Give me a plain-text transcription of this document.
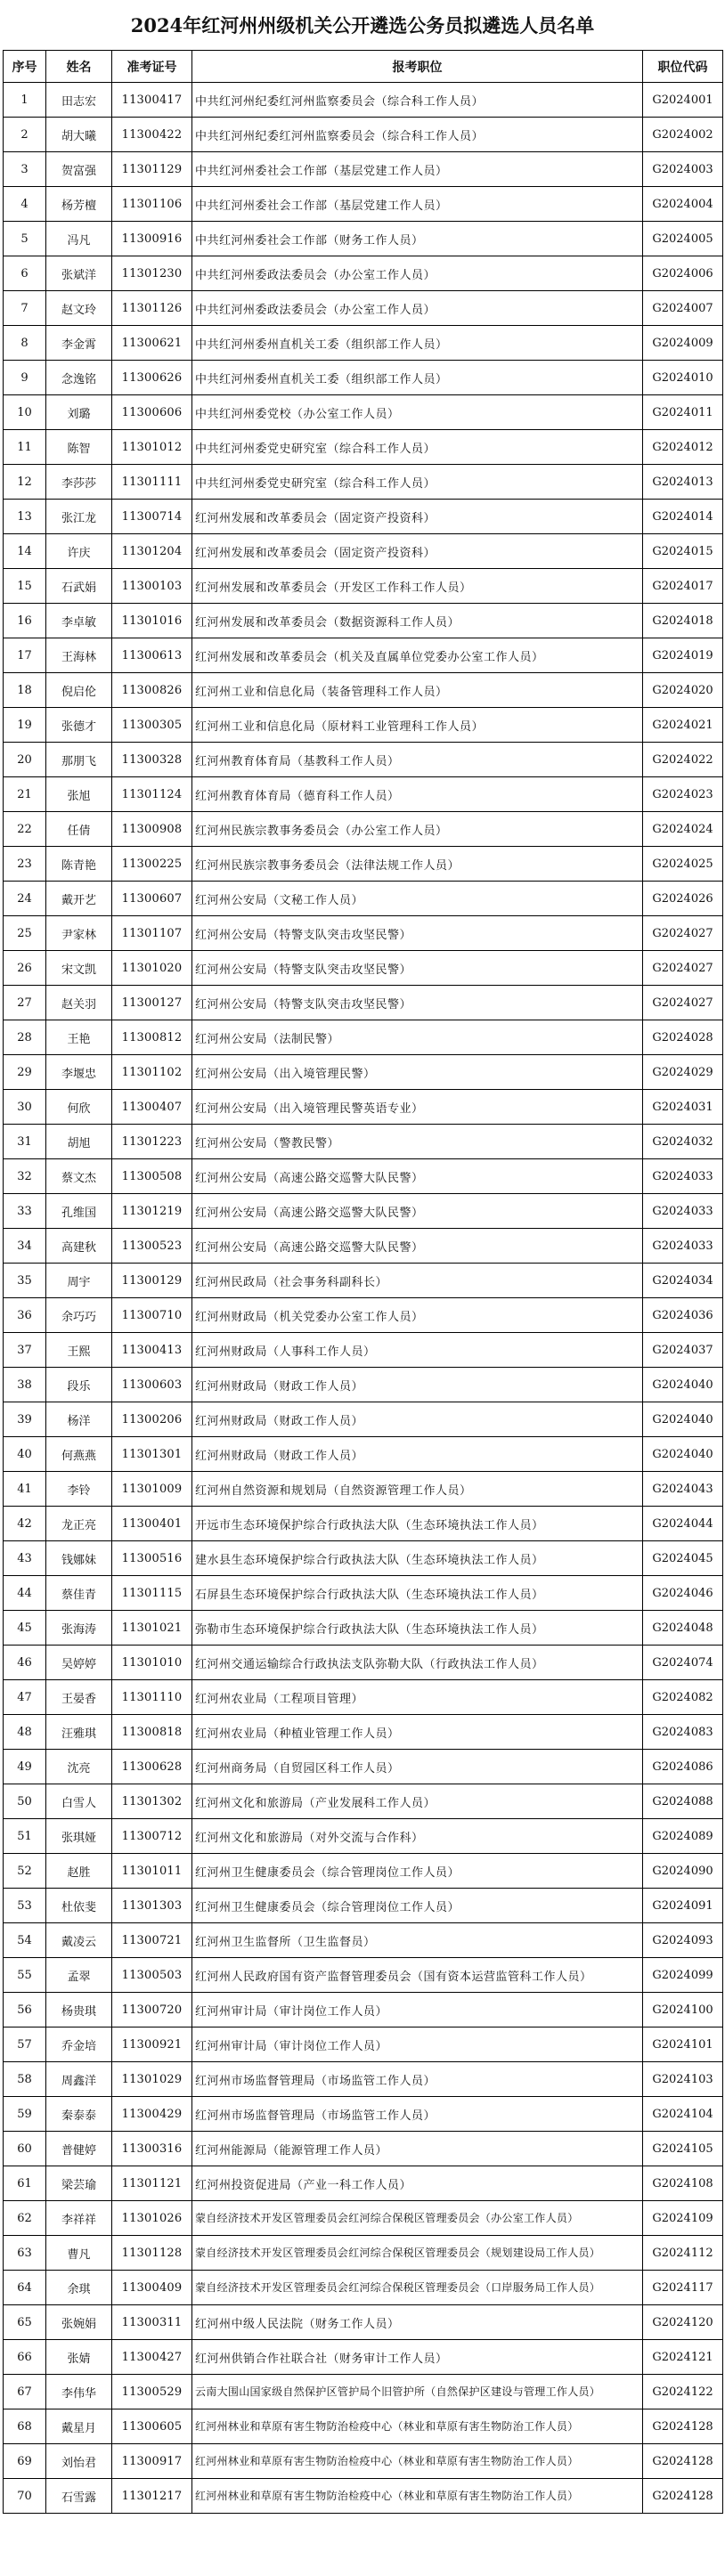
2024年红河州州级机关公开遴选公务员拟遴选人员名单
序号	姓名	准考证号	报考职位	职位代码
1	田志宏	11300417	中共红河州纪委红河州监察委员会（综合科工作人员）	G2024001
2	胡大曦	11300422	中共红河州纪委红河州监察委员会（综合科工作人员）	G2024002
3	贺富强	11301129	中共红河州委社会工作部（基层党建工作人员）	G2024003
4	杨芳檀	11301106	中共红河州委社会工作部（基层党建工作人员）	G2024004
5	冯凡	11300916	中共红河州委社会工作部（财务工作人员）	G2024005
6	张斌洋	11301230	中共红河州委政法委员会（办公室工作人员）	G2024006
7	赵文玲	11301126	中共红河州委政法委员会（办公室工作人员）	G2024007
8	李金霄	11300621	中共红河州委州直机关工委（组织部工作人员）	G2024009
9	念逸铭	11300626	中共红河州委州直机关工委（组织部工作人员）	G2024010
10	刘璐	11300606	中共红河州委党校（办公室工作人员）	G2024011
11	陈智	11301012	中共红河州委党史研究室（综合科工作人员）	G2024012
12	李莎莎	11301111	中共红河州委党史研究室（综合科工作人员）	G2024013
13	张江龙	11300714	红河州发展和改革委员会（固定资产投资科）	G2024014
14	许庆	11301204	红河州发展和改革委员会（固定资产投资科）	G2024015
15	石武娟	11300103	红河州发展和改革委员会（开发区工作科工作人员）	G2024017
16	李卓敏	11301016	红河州发展和改革委员会（数据资源科工作人员）	G2024018
17	王海林	11300613	红河州发展和改革委员会（机关及直属单位党委办公室工作人员）	G2024019
18	倪启伦	11300826	红河州工业和信息化局（装备管理科工作人员）	G2024020
19	张德才	11300305	红河州工业和信息化局（原材料工业管理科工作人员）	G2024021
20	那朋飞	11300328	红河州教育体育局（基教科工作人员）	G2024022
21	张旭	11301124	红河州教育体育局（德育科工作人员）	G2024023
22	任倩	11300908	红河州民族宗教事务委员会（办公室工作人员）	G2024024
23	陈青艳	11300225	红河州民族宗教事务委员会（法律法规工作人员）	G2024025
24	戴开艺	11300607	红河州公安局（文秘工作人员）	G2024026
25	尹家林	11301107	红河州公安局（特警支队突击攻坚民警）	G2024027
26	宋文凯	11301020	红河州公安局（特警支队突击攻坚民警）	G2024027
27	赵关羽	11300127	红河州公安局（特警支队突击攻坚民警）	G2024027
28	王艳	11300812	红河州公安局（法制民警）	G2024028
29	李堰忠	11301102	红河州公安局（出入境管理民警）	G2024029
30	何欣	11300407	红河州公安局（出入境管理民警英语专业）	G2024031
31	胡旭	11301223	红河州公安局（警教民警）	G2024032
32	蔡文杰	11300508	红河州公安局（高速公路交巡警大队民警）	G2024033
33	孔维国	11301219	红河州公安局（高速公路交巡警大队民警）	G2024033
34	高建秋	11300523	红河州公安局（高速公路交巡警大队民警）	G2024033
35	周宇	11300129	红河州民政局（社会事务科副科长）	G2024034
36	余巧巧	11300710	红河州财政局（机关党委办公室工作人员）	G2024036
37	王熙	11300413	红河州财政局（人事科工作人员）	G2024037
38	段乐	11300603	红河州财政局（财政工作人员）	G2024040
39	杨洋	11300206	红河州财政局（财政工作人员）	G2024040
40	何燕燕	11301301	红河州财政局（财政工作人员）	G2024040
41	李铃	11301009	红河州自然资源和规划局（自然资源管理工作人员）	G2024043
42	龙正亮	11300401	开远市生态环境保护综合行政执法大队（生态环境执法工作人员）	G2024044
43	钱娜妹	11300516	建水县生态环境保护综合行政执法大队（生态环境执法工作人员）	G2024045
44	蔡佳青	11301115	石屏县生态环境保护综合行政执法大队（生态环境执法工作人员）	G2024046
45	张海涛	11301021	弥勒市生态环境保护综合行政执法大队（生态环境执法工作人员）	G2024048
46	吴婷婷	11301010	红河州交通运输综合行政执法支队弥勒大队（行政执法工作人员）	G2024074
47	王晏香	11301110	红河州农业局（工程项目管理）	G2024082
48	汪雅琪	11300818	红河州农业局（种植业管理工作人员）	G2024083
49	沈亮	11300628	红河州商务局（自贸园区科工作人员）	G2024086
50	白雪人	11301302	红河州文化和旅游局（产业发展科工作人员）	G2024088
51	张琪娅	11300712	红河州文化和旅游局（对外交流与合作科）	G2024089
52	赵胜	11301011	红河州卫生健康委员会（综合管理岗位工作人员）	G2024090
53	杜依斐	11301303	红河州卫生健康委员会（综合管理岗位工作人员）	G2024091
54	戴凌云	11300721	红河州卫生监督所（卫生监督员）	G2024093
55	孟翠	11300503	红河州人民政府国有资产监督管理委员会（国有资本运营监管科工作人员）	G2024099
56	杨贵琪	11300720	红河州审计局（审计岗位工作人员）	G2024100
57	乔金培	11300921	红河州审计局（审计岗位工作人员）	G2024101
58	周鑫洋	11301029	红河州市场监督管理局（市场监管工作人员）	G2024103
59	秦泰泰	11300429	红河州市场监督管理局（市场监管工作人员）	G2024104
60	普健婷	11300316	红河州能源局（能源管理工作人员）	G2024105
61	梁芸瑜	11301121	红河州投资促进局（产业一科工作人员）	G2024108
62	李祥祥	11301026	蒙自经济技术开发区管理委员会红河综合保税区管理委员会（办公室工作人员）	G2024109
63	曹凡	11301128	蒙自经济技术开发区管理委员会红河综合保税区管理委员会（规划建设局工作人员）	G2024112
64	余琪	11300409	蒙自经济技术开发区管理委员会红河综合保税区管理委员会（口岸服务局工作人员）	G2024117
65	张婉娟	11300311	红河州中级人民法院（财务工作人员）	G2024120
66	张婧	11300427	红河州供销合作社联合社（财务审计工作人员）	G2024121
67	李伟华	11300529	云南大围山国家级自然保护区管护局个旧管护所（自然保护区建设与管理工作人员）	G2024122
68	戴星月	11300605	红河州林业和草原有害生物防治检疫中心（林业和草原有害生物防治工作人员）	G2024128
69	刘怡君	11300917	红河州林业和草原有害生物防治检疫中心（林业和草原有害生物防治工作人员）	G2024128
70	石雪露	11301217	红河州林业和草原有害生物防治检疫中心（林业和草原有害生物防治工作人员）	G2024128
